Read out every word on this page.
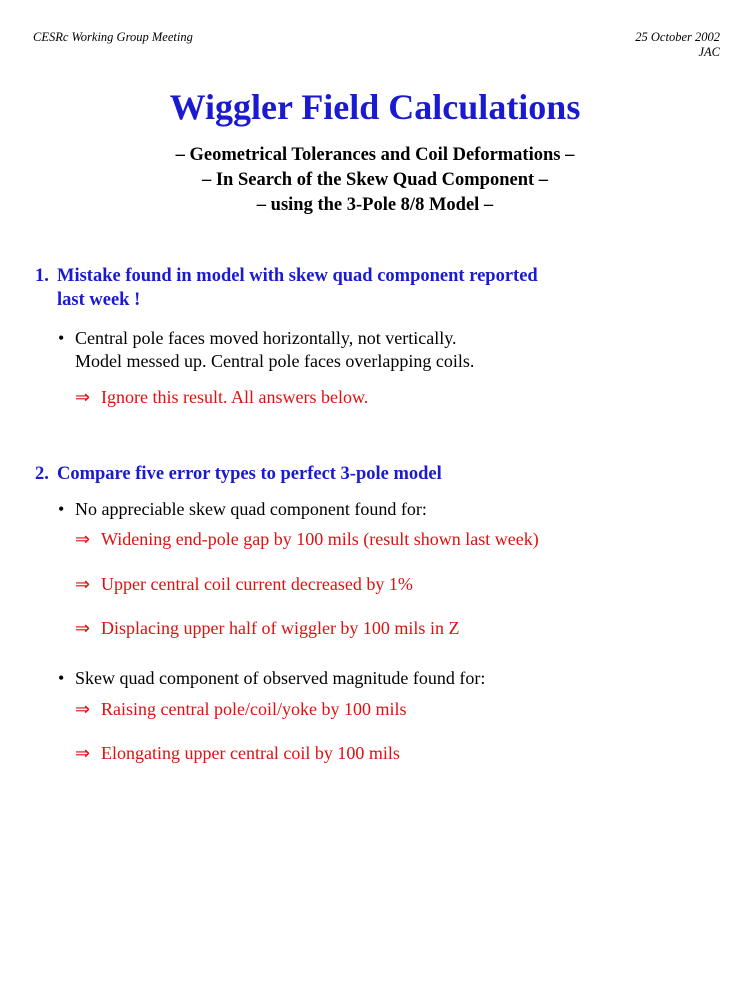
CESRc Working Group Meeting	25 October 2002
JAC
Wiggler Field Calculations
– Geometrical Tolerances and Coil Deformations –
– In Search of the Skew Quad Component –
– using the 3-Pole 8/8 Model –
1. Mistake found in model with skew quad component reported
last week !
• Central pole faces moved horizontally, not vertically.
Model messed up. Central pole faces overlapping coils.
⇒ Ignore this result. All answers below.
2. Compare five error types to perfect 3-pole model
• No appreciable skew quad component found for:
⇒ Widening end-pole gap by 100 mils (result shown last week)
⇒ Upper central coil current decreased by 1%
⇒ Displacing upper half of wiggler by 100 mils in Z
• Skew quad component of observed magnitude found for:
⇒ Raising central pole/coil/yoke by 100 mils
⇒ Elongating upper central coil by 100 mils
